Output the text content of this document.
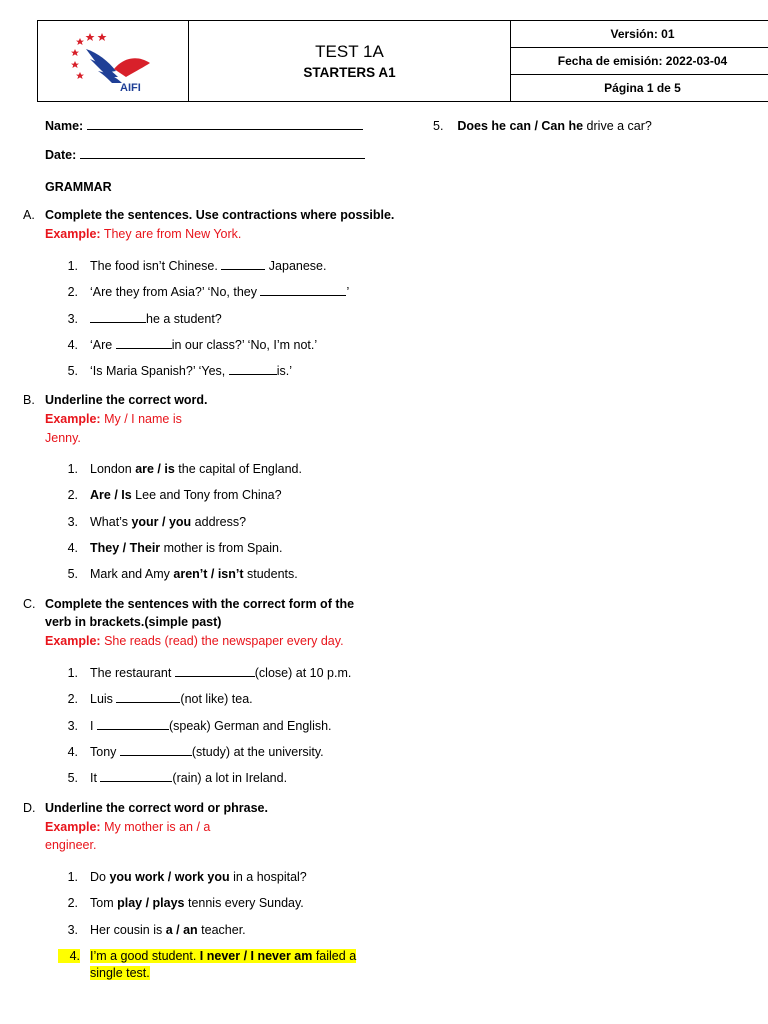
AIFI

TEST 1A
STARTERS A1
	Versión: 01
Fecha de emisión: 2022-03-04
Página 1 de 5
Name:
Date:
GRAMMAR
5. Does he can / Can he drive a car?
A. Complete the sentences. Use contractions where possible.
Example: They are from New York.
1. The food isn’t Chinese.	Japanese.
2. ‘Are they from Asia?’ ‘No, they	’
3.	he a student?
4. ‘Are	in our class?’ ‘No, I’m not.’
5. ‘Is Maria Spanish?’ ‘Yes,	is.’
B. Underline the correct word.
Example: My / I name is
Jenny.
1. London are / is the capital of England.
2. Are / Is Lee and Tony from China?
3. What’s your / you address?
4. They / Their mother is from Spain.
5. Mark and Amy aren’t / isn’t students.
C. Complete the sentences with the correct form of the
verb in brackets.(simple past)
Example: She reads (read) the newspaper every day.
1. The restaurant	(close) at 10 p.m.
2. Luis	(not like) tea.
3. I	(speak) German and English.
4. Tony	(study) at the university.
5. It	(rain) a lot in Ireland.
D. Underline the correct word or phrase.
Example: My mother is an / a
engineer.
1. Do you work / work you in a hospital?
2. Tom play / plays tennis every Sunday.
3. Her cousin is a / an teacher.
4. I’m a good student. I never / I never am failed a
single test.
